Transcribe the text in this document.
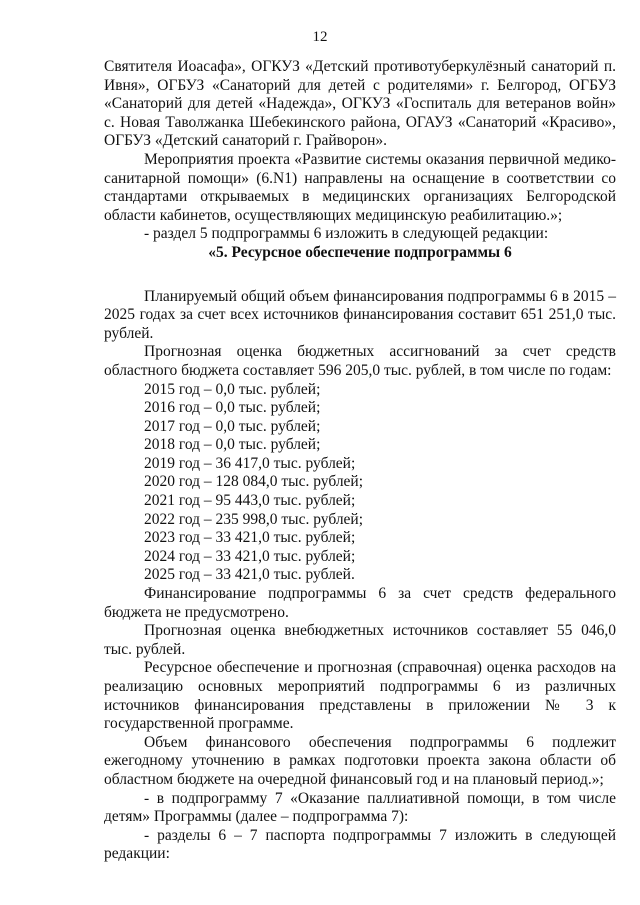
12

Святителя Иоасафа», ОГКУЗ «Детский противотуберкулёзный санаторий п. Ивня», ОГБУЗ «Санаторий для детей с родителями» г. Белгород, ОГБУЗ «Санаторий для детей «Надежда», ОГКУЗ «Госпиталь для ветеранов войн» с. Новая Таволжанка Шебекинского района, ОГАУЗ «Санаторий «Красиво», ОГБУЗ «Детский санаторий г. Грайворон».

Мероприятия проекта «Развитие системы оказания первичной медико-санитарной помощи» (6.N1) направлены на оснащение в соответствии со стандартами открываемых в медицинских организациях Белгородской области кабинетов, осуществляющих медицинскую реабилитацию.»;

- раздел 5 подпрограммы 6 изложить в следующей редакции:

«5. Ресурсное обеспечение подпрограммы 6

Планируемый общий объем финансирования подпрограммы 6 в 2015 – 2025 годах за счет всех источников финансирования составит 651 251,0 тыс. рублей.

Прогнозная оценка бюджетных ассигнований за счет средств областного бюджета составляет 596 205,0 тыс. рублей, в том числе по годам:

2015 год – 0,0 тыс. рублей;
2016 год – 0,0 тыс. рублей;
2017 год – 0,0 тыс. рублей;
2018 год – 0,0 тыс. рублей;
2019 год – 36 417,0 тыс. рублей;
2020 год – 128 084,0 тыс. рублей;
2021 год – 95 443,0 тыс. рублей;
2022 год – 235 998,0 тыс. рублей;
2023 год – 33 421,0 тыс. рублей;
2024 год – 33 421,0 тыс. рублей;
2025 год – 33 421,0 тыс. рублей.

Финансирование подпрограммы 6 за счет средств федерального бюджета не предусмотрено.

Прогнозная оценка внебюджетных источников составляет 55 046,0 тыс. рублей.

Ресурсное обеспечение и прогнозная (справочная) оценка расходов на реализацию основных мероприятий подпрограммы 6 из различных источников финансирования представлены в приложении № 3 к государственной программе.

Объем финансового обеспечения подпрограммы 6 подлежит ежегодному уточнению в рамках подготовки проекта закона области об областном бюджете на очередной финансовый год и на плановый период.»;

- в подпрограмму 7 «Оказание паллиативной помощи, в том числе детям» Программы (далее – подпрограмма 7):

- разделы 6 – 7 паспорта подпрограммы 7 изложить в следующей редакции:
